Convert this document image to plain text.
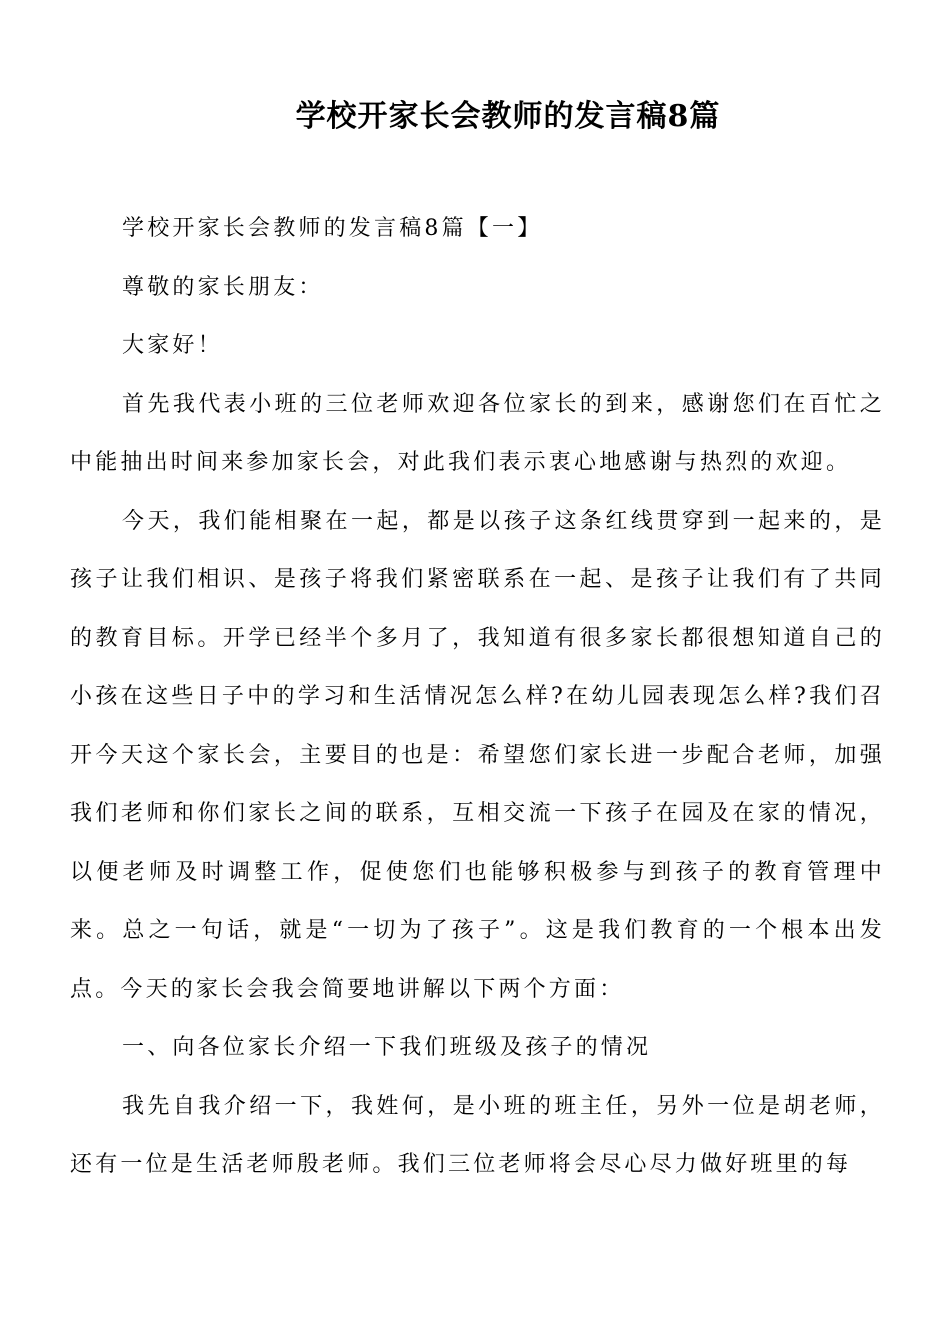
学校开家长会教师的发言稿8篇

学校开家长会教师的发言稿8篇【一】

尊敬的家长朋友：

大家好！

首先我代表小班的三位老师欢迎各位家长的到来，感谢您们在百忙之中能抽出时间来参加家长会，对此我们表示衷心地感谢与热烈的欢迎。

今天，我们能相聚在一起，都是以孩子这条红线贯穿到一起来的，是孩子让我们相识、是孩子将我们紧密联系在一起、是孩子让我们有了共同的教育目标。开学已经半个多月了，我知道有很多家长都很想知道自己的小孩在这些日子中的学习和生活情况怎么样?在幼儿园表现怎么样?我们召开今天这个家长会，主要目的也是：希望您们家长进一步配合老师，加强我们老师和你们家长之间的联系，互相交流一下孩子在园及在家的情况，以便老师及时调整工作，促使您们也能够积极参与到孩子的教育管理中来。总之一句话，就是“一切为了孩子”。这是我们教育的一个根本出发点。今天的家长会我会简要地讲解以下两个方面：

一、向各位家长介绍一下我们班级及孩子的情况

我先自我介绍一下，我姓何，是小班的班主任，另外一位是胡老师，还有一位是生活老师殷老师。我们三位老师将会尽心尽力做好班里的每
